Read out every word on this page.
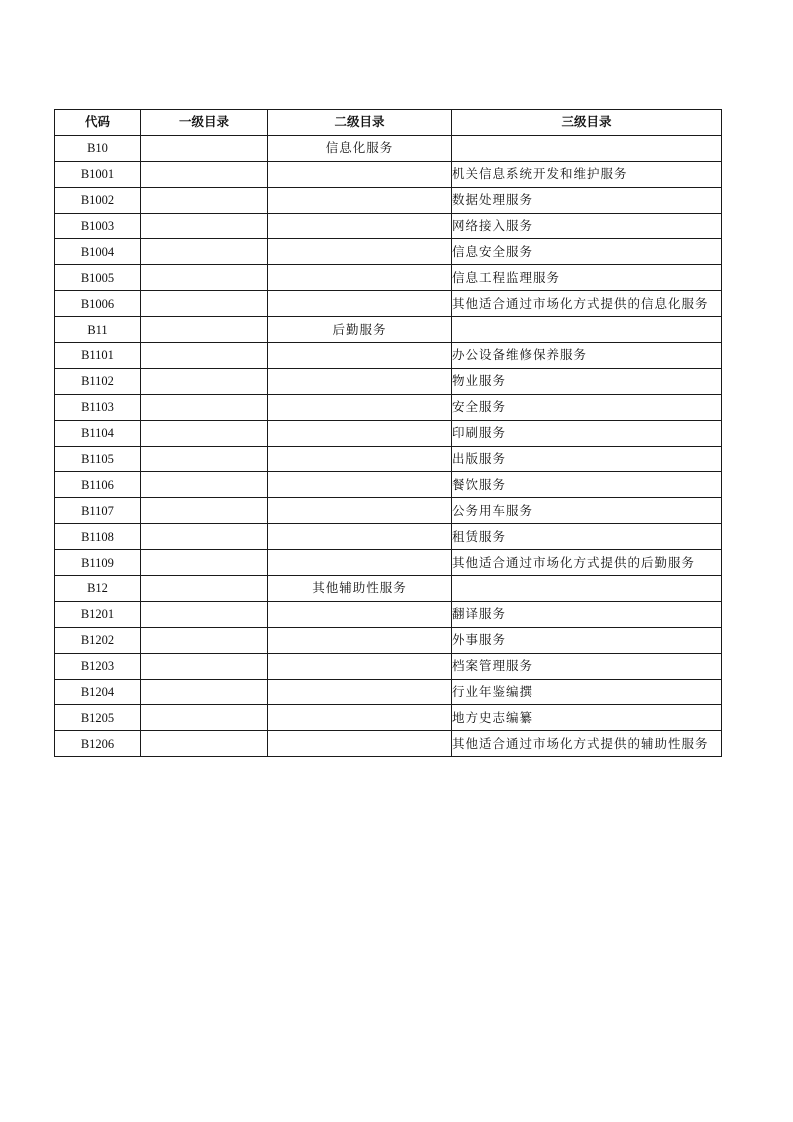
代码	一级目录	二级目录	三级目录
B10		信息化服务	
B1001			机关信息系统开发和维护服务
B1002			数据处理服务
B1003			网络接入服务
B1004			信息安全服务
B1005			信息工程监理服务
B1006			其他适合通过市场化方式提供的信息化服务
B11		后勤服务	
B1101			办公设备维修保养服务
B1102			物业服务
B1103			安全服务
B1104			印刷服务
B1105			出版服务
B1106			餐饮服务
B1107			公务用车服务
B1108			租赁服务
B1109			其他适合通过市场化方式提供的后勤服务
B12		其他辅助性服务	
B1201			翻译服务
B1202			外事服务
B1203			档案管理服务
B1204			行业年鉴编撰
B1205			地方史志编纂
B1206			其他适合通过市场化方式提供的辅助性服务
